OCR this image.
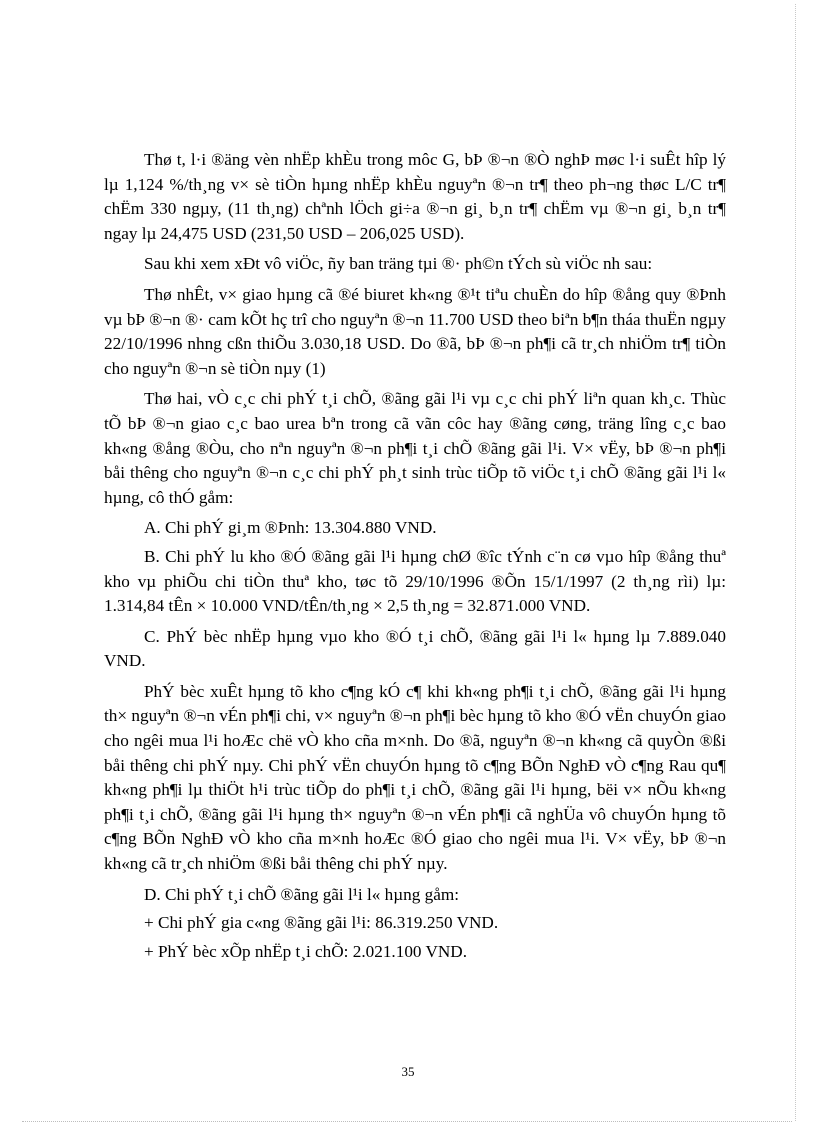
Thø t, l·i ®äng vèn nhËp khÈu trong môc G, bÞ ®¬n ®Ò nghÞ møc l·i suÊt hîp lý lµ 1,124 %/th¸ng v× sè tiÒn hµng nhËp khÈu nguyªn ®¬n tr¶ theo ph¬ng thøc L/C tr¶ chËm 330 ngµy, (11 th¸ng) chªnh lÖch gi÷a ®¬n gi¸ b¸n tr¶ chËm vµ ®¬n gi¸ b¸n tr¶ ngay lµ 24,475 USD (231,50 USD – 206,025 USD).

Sau khi xem xÐt vô viÖc, ñy ban träng tµi ®· ph©n tÝch sù viÖc nh sau:

Thø nhÊt, v× giao hµng cã ®é biuret kh«ng ®¹t tiªu chuÈn do hîp ®ång quy ®Þnh vµ bÞ ®¬n ®· cam kÕt hç trî cho nguyªn ®¬n 11.700 USD theo biªn b¶n tháa thuËn ngµy 22/10/1996 nhng cßn thiÕu 3.030,18 USD. Do ®ã, bÞ ®¬n ph¶i cã tr¸ch nhiÖm tr¶ tiÒn cho nguyªn ®¬n sè tiÒn nµy (1)

Thø hai, vÒ c¸c chi phÝ t¸i chÕ, ®ãng gãi l¹i vµ c¸c chi phÝ liªn quan kh¸c. Thùc tÕ bÞ ®¬n giao c¸c bao urea bªn trong cã vãn côc hay ®ãng cøng, träng lîng c¸c bao kh«ng ®ång ®Òu, cho nªn nguyªn ®¬n ph¶i t¸i chÕ ®ãng gãi l¹i. V× vËy, bÞ ®¬n ph¶i båi thêng cho nguyªn ®¬n c¸c chi phÝ ph¸t sinh trùc tiÕp tõ viÖc t¸i chÕ ®ãng gãi l¹i l« hµng, cô thÓ gåm:

A. Chi phÝ gi¸m ®Þnh: 13.304.880 VND.

B. Chi phÝ lu kho ®Ó ®ãng gãi l¹i hµng chØ ®îc tÝnh c¨n cø vµo hîp ®ång thuª kho vµ phiÕu chi tiÒn thuª kho, tøc tõ 29/10/1996 ®Õn 15/1/1997 (2 th¸ng rìi) lµ: 1.314,84 tÊn × 10.000 VND/tÊn/th¸ng × 2,5 th¸ng = 32.871.000 VND.

C. PhÝ bèc nhËp hµng vµo kho ®Ó t¸i chÕ, ®ãng gãi l¹i l« hµng lµ 7.889.040 VND.

PhÝ bèc xuÊt hµng tõ kho c¶ng kÓ c¶ khi kh«ng ph¶i t¸i chÕ, ®ãng gãi l¹i hµng th× nguyªn ®¬n vÉn ph¶i chi, v× nguyªn ®¬n ph¶i bèc hµng tõ kho ®Ó vËn chuyÓn giao cho ngêi mua l¹i hoÆc chë vÒ kho cña m×nh. Do ®ã, nguyªn ®¬n kh«ng cã quyÒn ®ßi båi thêng chi phÝ nµy. Chi phÝ vËn chuyÓn hµng tõ c¶ng BÕn NghÐ vÒ c¶ng Rau qu¶ kh«ng ph¶i lµ thiÖt h¹i trùc tiÕp do ph¶i t¸i chÕ, ®ãng gãi l¹i hµng, bëi v× nÕu kh«ng ph¶i t¸i chÕ, ®ãng gãi l¹i hµng th× nguyªn ®¬n vÉn ph¶i cã nghÜa vô chuyÓn hµng tõ c¶ng BÕn NghÐ vÒ kho cña m×nh hoÆc ®Ó giao cho ngêi mua l¹i. V× vËy, bÞ ®¬n kh«ng cã tr¸ch nhiÖm ®ßi båi thêng chi phÝ nµy.

D. Chi phÝ t¸i chÕ ®ãng gãi l¹i l« hµng gåm:

+ Chi phÝ gia c«ng ®ãng gãi l¹i: 86.319.250 VND.

+ PhÝ bèc xÕp nhËp t¸i chÕ: 2.021.100 VND.

35
